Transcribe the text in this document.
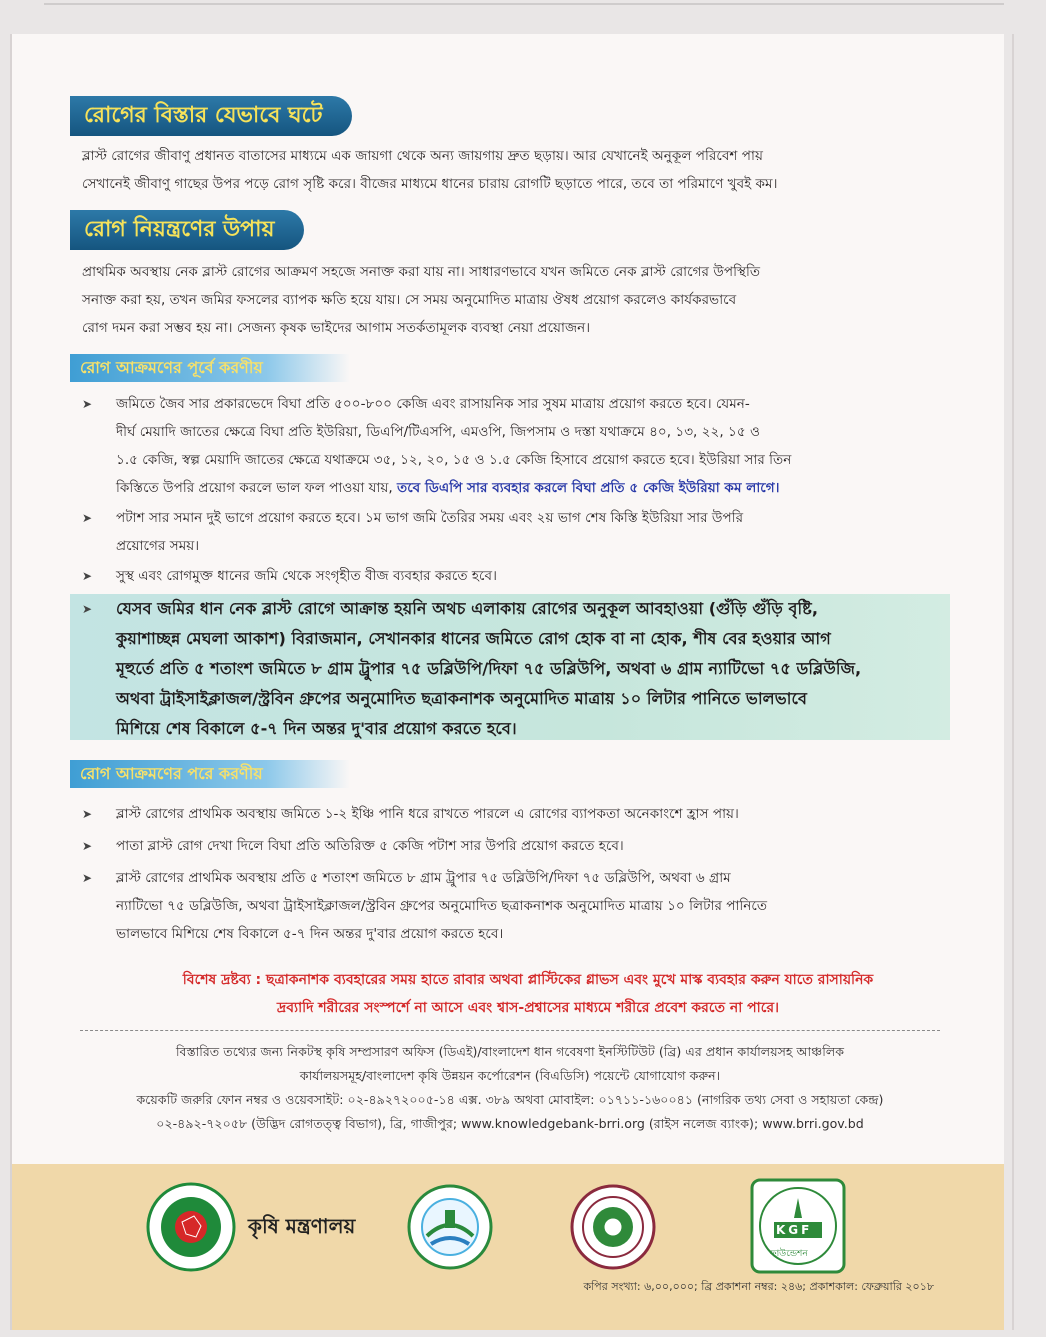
রোগের বিস্তার যেভাবে ঘটে
ব্লাস্ট রোগের জীবাণু প্রধানত বাতাসের মাধ্যমে এক জায়গা থেকে অন্য জায়গায় দ্রুত ছড়ায়। আর যেখানেই অনুকূল পরিবেশ পায়
সেখানেই জীবাণু গাছের উপর পড়ে রোগ সৃষ্টি করে। বীজের মাধ্যমে ধানের চারায় রোগটি ছড়াতে পারে, তবে তা পরিমাণে খুবই কম।
রোগ নিয়ন্ত্রণের উপায়
প্রাথমিক অবস্থায় নেক ব্লাস্ট রোগের আক্রমণ সহজে সনাক্ত করা যায় না। সাধারণভাবে যখন জমিতে নেক ব্লাস্ট রোগের উপস্থিতি
সনাক্ত করা হয়, তখন জমির ফসলের ব্যাপক ক্ষতি হয়ে যায়। সে সময় অনুমোদিত মাত্রায় ঔষধ প্রয়োগ করলেও কার্যকরভাবে
রোগ দমন করা সম্ভব হয় না। সেজন্য কৃষক ভাইদের আগাম সতর্কতামূলক ব্যবস্থা নেয়া প্রয়োজন।
রোগ আক্রমণের পূর্বে করণীয়
➤	জমিতে জৈব সার প্রকারভেদে বিঘা প্রতি ৫০০-৮০০ কেজি এবং রাসায়নিক সার সুষম মাত্রায় প্রয়োগ করতে হবে। যেমন-
দীর্ঘ মেয়াদি জাতের ক্ষেত্রে বিঘা প্রতি ইউরিয়া, ডিএপি/টিএসপি, এমওপি, জিপসাম ও দস্তা যথাক্রমে ৪০, ১৩, ২২, ১৫ ও
১.৫ কেজি, স্বল্প মেয়াদি জাতের ক্ষেত্রে যথাক্রমে ৩৫, ১২, ২০, ১৫ ও ১.৫ কেজি হিসাবে প্রয়োগ করতে হবে। ইউরিয়া সার তিন
কিস্তিতে উপরি প্রয়োগ করলে ভাল ফল পাওয়া যায়, তবে ডিএপি সার ব্যবহার করলে বিঘা প্রতি ৫ কেজি ইউরিয়া কম লাগে।
➤	পটাশ সার সমান দুই ভাগে প্রয়োগ করতে হবে। ১ম ভাগ জমি তৈরির সময় এবং ২য় ভাগ শেষ কিস্তি ইউরিয়া সার উপরি
প্রয়োগের সময়।
➤	সুস্থ এবং রোগমুক্ত ধানের জমি থেকে সংগৃহীত বীজ ব্যবহার করতে হবে।
➤	যেসব জমির ধান নেক ব্লাস্ট রোগে আক্রান্ত হয়নি অথচ এলাকায় রোগের অনুকূল আবহাওয়া (গুঁড়ি গুঁড়ি বৃষ্টি,
কুয়াশাচ্ছন্ন মেঘলা আকাশ) বিরাজমান, সেখানকার ধানের জমিতে রোগ হোক বা না হোক, শীষ বের হওয়ার আগ
মূহুর্তে প্রতি ৫ শতাংশ জমিতে ৮ গ্রাম ট্রুপার ৭৫ ডব্লিউপি/দিফা ৭৫ ডব্লিউপি, অথবা ৬ গ্রাম ন্যাটিভো ৭৫ ডব্লিউজি,
অথবা ট্রাইসাইক্লাজল/স্ট্রবিন গ্রুপের অনুমোদিত ছত্রাকনাশক অনুমোদিত মাত্রায় ১০ লিটার পানিতে ভালভাবে
মিশিয়ে শেষ বিকালে ৫-৭ দিন অন্তর দু'বার প্রয়োগ করতে হবে।
রোগ আক্রমণের পরে করণীয়
➤	ব্লাস্ট রোগের প্রাথমিক অবস্থায় জমিতে ১-২ ইঞ্চি পানি ধরে রাখতে পারলে এ রোগের ব্যাপকতা অনেকাংশে হ্রাস পায়।
➤	পাতা ব্লাস্ট রোগ দেখা দিলে বিঘা প্রতি অতিরিক্ত ৫ কেজি পটাশ সার উপরি প্রয়োগ করতে হবে।
➤	ব্লাস্ট রোগের প্রাথমিক অবস্থায় প্রতি ৫ শতাংশ জমিতে ৮ গ্রাম ট্রুপার ৭৫ ডব্লিউপি/দিফা ৭৫ ডব্লিউপি, অথবা ৬ গ্রাম
ন্যাটিভো ৭৫ ডব্লিউজি, অথবা ট্রাইসাইক্লাজল/স্ট্রবিন গ্রুপের অনুমোদিত ছত্রাকনাশক অনুমোদিত মাত্রায় ১০ লিটার পানিতে
ভালভাবে মিশিয়ে শেষ বিকালে ৫-৭ দিন অন্তর দু'বার প্রয়োগ করতে হবে।
বিশেষ দ্রষ্টব্য : ছত্রাকনাশক ব্যবহারের সময় হাতে রাবার অথবা প্লাস্টিকের গ্লাভস এবং মুখে মাস্ক ব্যবহার করুন যাতে রাসায়নিক
দ্রব্যাদি শরীরের সংস্পর্শে না আসে এবং শ্বাস-প্রশ্বাসের মাধ্যমে শরীরে প্রবেশ করতে না পারে।
বিস্তারিত তথ্যের জন্য নিকটস্থ কৃষি সম্প্রসারণ অফিস (ডিএই)/বাংলাদেশ ধান গবেষণা ইনস্টিটিউট (ব্রি) এর প্রধান কার্যালয়সহ আঞ্চলিক
কার্যালয়সমূহ/বাংলাদেশ কৃষি উন্নয়ন কর্পোরেশন (বিএডিসি) পয়েন্টে যোগাযোগ করুন।
কয়েকটি জরুরি ফোন নম্বর ও ওয়েবসাইট: ০২-৪৯২৭২০০৫-১৪ এক্স. ৩৮৯ অথবা মোবাইল: ০১৭১১-১৬০০৪১ (নাগরিক তথ্য সেবা ও সহায়তা কেন্দ্র)
০২-৪৯২-৭২০৫৮ (উদ্ভিদ রোগতত্ত্ব বিভাগ), ব্রি, গাজীপুর; www.knowledgebank-brri.org (রাইস নলেজ ব্যাংক); www.brri.gov.bd
কৃষি মন্ত্রণালয়	KGF
ফাউন্ডেশন
কপির সংখ্যা: ৬,০০,০০০; ব্রি প্রকাশনা নম্বর: ২৪৬; প্রকাশকাল: ফেব্রুয়ারি ২০১৮
